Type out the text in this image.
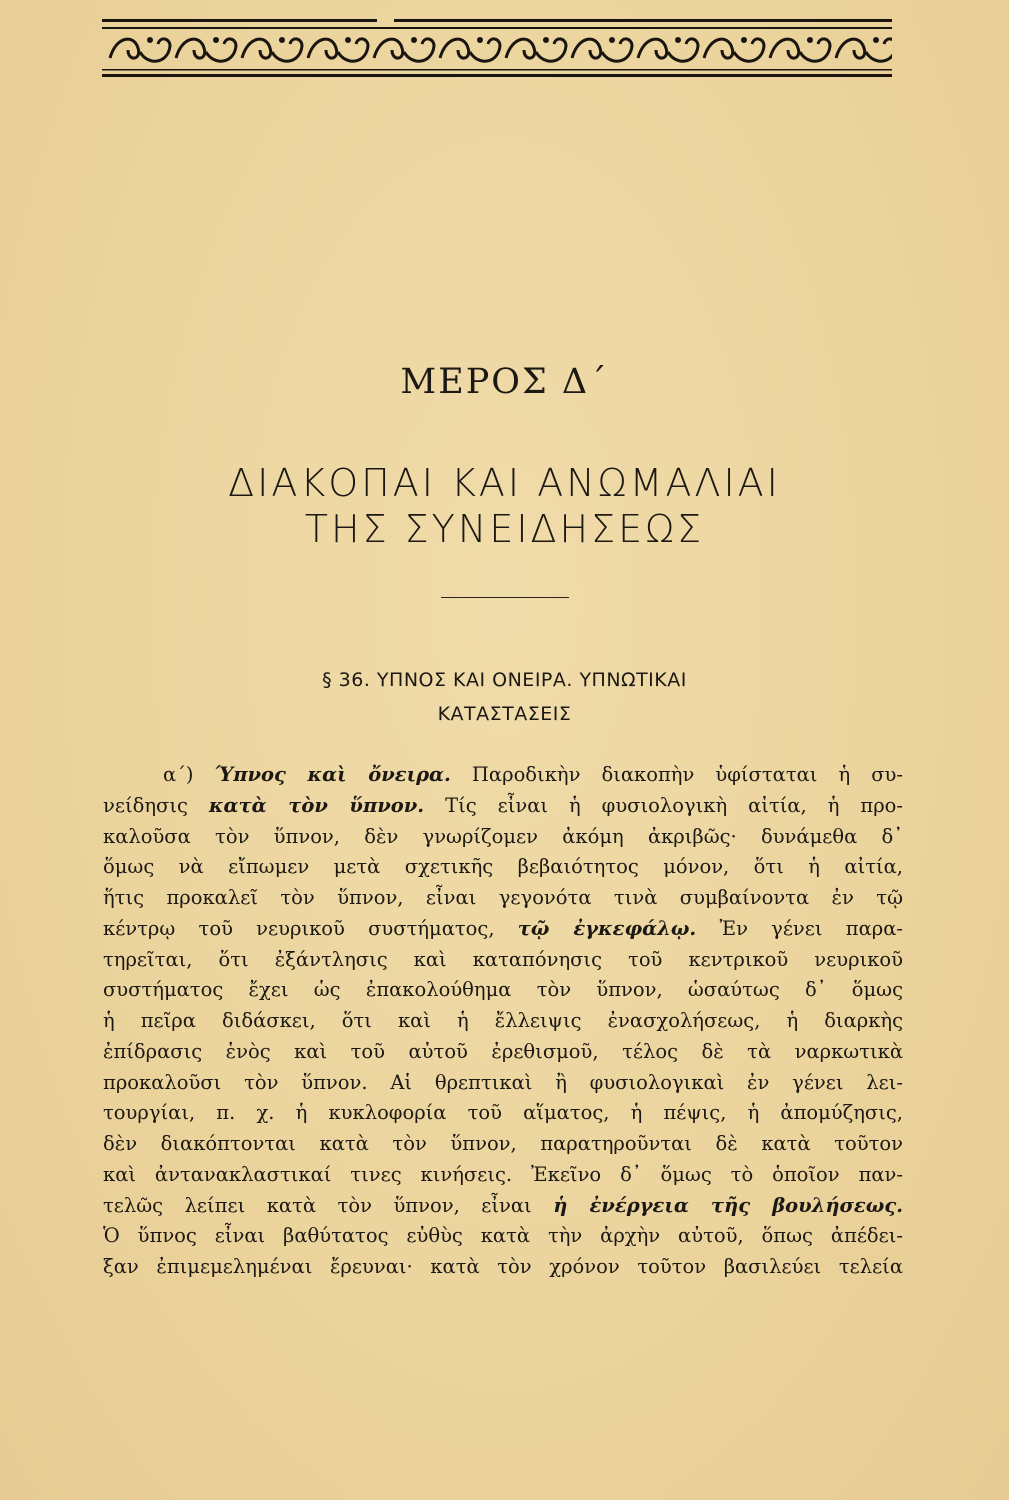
ΜΕΡΟΣ Δ΄
ΔΙΑΚΟΠΑΙ ΚΑΙ ΑΝΩΜΑΛΙΑΙ
ΤΗΣ ΣΥΝΕΙΔΗΣΕΩΣ
§ 36. ΥΠΝΟΣ ΚΑΙ ΟΝΕΙΡΑ. ΥΠΝΩΤΙΚΑΙ
ΚΑΤΑΣΤΑΣΕΙΣ
α΄) Ύπνος καὶ ὄνειρα. Παροδικὴν διακοπὴν ὑφίσταται ἡ συ-
νείδησις κατὰ τὸν ὕπνον. Τίς εἶναι ἡ φυσιολογικὴ αἰτία, ἡ προ-
καλοῦσα τὸν ὕπνον, δὲν γνωρίζομεν ἀκόμη ἀκριβῶς· δυνάμεθα δ᾽
ὅμως νὰ εἴπωμεν μετὰ σχετικῆς βεβαιότητος μόνον, ὅτι ἡ αἰτία,
ἥτις προκαλεῖ τὸν ὕπνον, εἶναι γεγονότα τινὰ συμβαίνοντα ἐν τῷ
κέντρῳ τοῦ νευρικοῦ συστήματος, τῷ ἐγκεφάλῳ. Ἐν γένει παρα-
τηρεῖται, ὅτι ἐξάντλησις καὶ καταπόνησις τοῦ κεντρικοῦ νευρικοῦ
συστήματος ἔχει ὡς ἐπακολούθημα τὸν ὕπνον, ὡσαύτως δ᾽ ὅμως
ἡ πεῖρα διδάσκει, ὅτι καὶ ἡ ἔλλειψις ἐνασχολήσεως, ἡ διαρκὴς
ἐπίδρασις ἑνὸς καὶ τοῦ αὐτοῦ ἐρεθισμοῦ, τέλος δὲ τὰ ναρκωτικὰ
προκαλοῦσι τὸν ὕπνον. Αἱ θρεπτικαὶ ἢ φυσιολογικαὶ ἐν γένει λει-
τουργίαι, π. χ. ἡ κυκλοφορία τοῦ αἵματος, ἡ πέψις, ἡ ἀπομύζησις,
δὲν διακόπτονται κατὰ τὸν ὕπνον, παρατηροῦνται δὲ κατὰ τοῦτον
καὶ ἀντανακλαστικαί τινες κινήσεις. Ἐκεῖνο δ᾽ ὅμως τὸ ὁποῖον παν-
τελῶς λείπει κατὰ τὸν ὕπνον, εἶναι ἡ ἐνέργεια τῆς βουλήσεως.
Ὁ ὕπνος εἶναι βαθύτατος εὐθὺς κατὰ τὴν ἀρχὴν αὐτοῦ, ὅπως ἀπέδει-
ξαν ἐπιμεμελημέναι ἔρευναι· κατὰ τὸν χρόνον τοῦτον βασιλεύει τελεία
